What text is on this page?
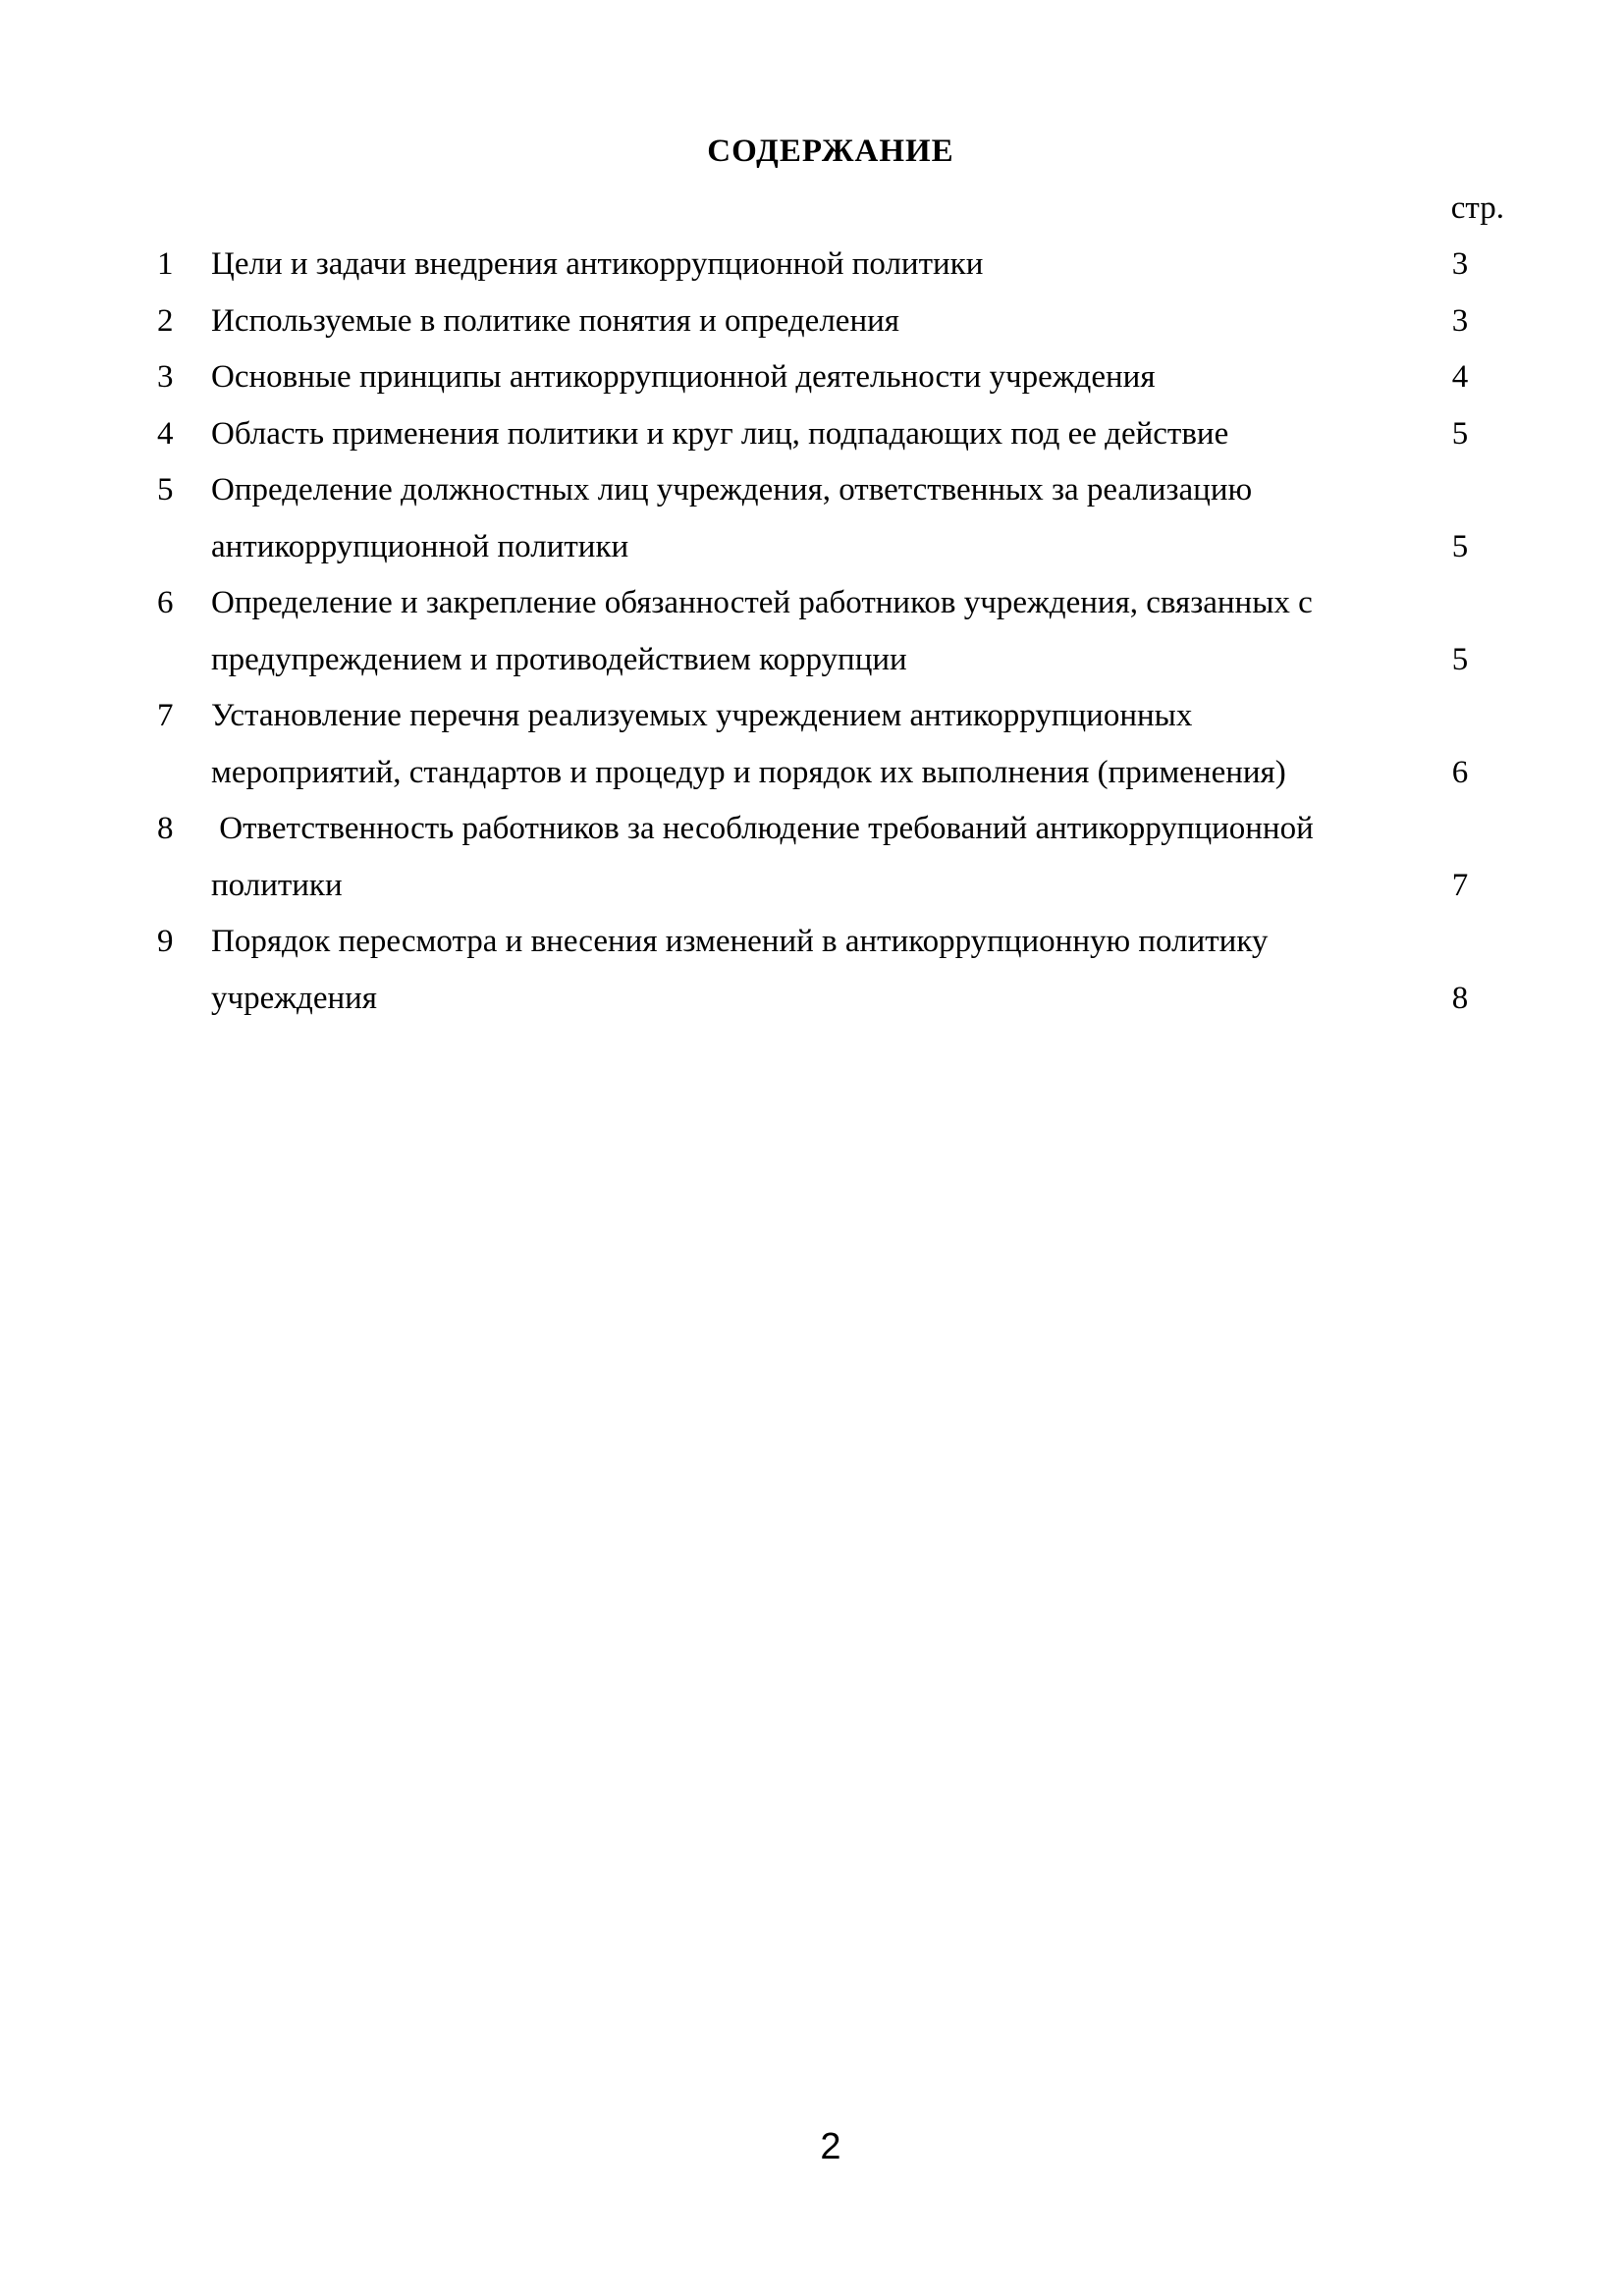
СОДЕРЖАНИЕ
стр.
1	Цели и задачи внедрения антикоррупционной политики	3
2	Используемые в политике понятия и определения	3
3	Основные принципы антикоррупционной деятельности учреждения	4
4	Область применения политики и круг лиц, подпадающих под ее действие	5
5	Определение должностных лиц учреждения, ответственных за реализацию
антикоррупционной политики	5
6	Определение и закрепление обязанностей работников учреждения, связанных с
предупреждением и противодействием коррупции	5
7	Установление перечня реализуемых учреждением антикоррупционных
мероприятий, стандартов и процедур и порядок их выполнения (применения)	6
8	Ответственность работников за несоблюдение требований антикоррупционной
политики	7
9	Порядок пересмотра и внесения изменений в антикоррупционную политику
учреждения	8
2
